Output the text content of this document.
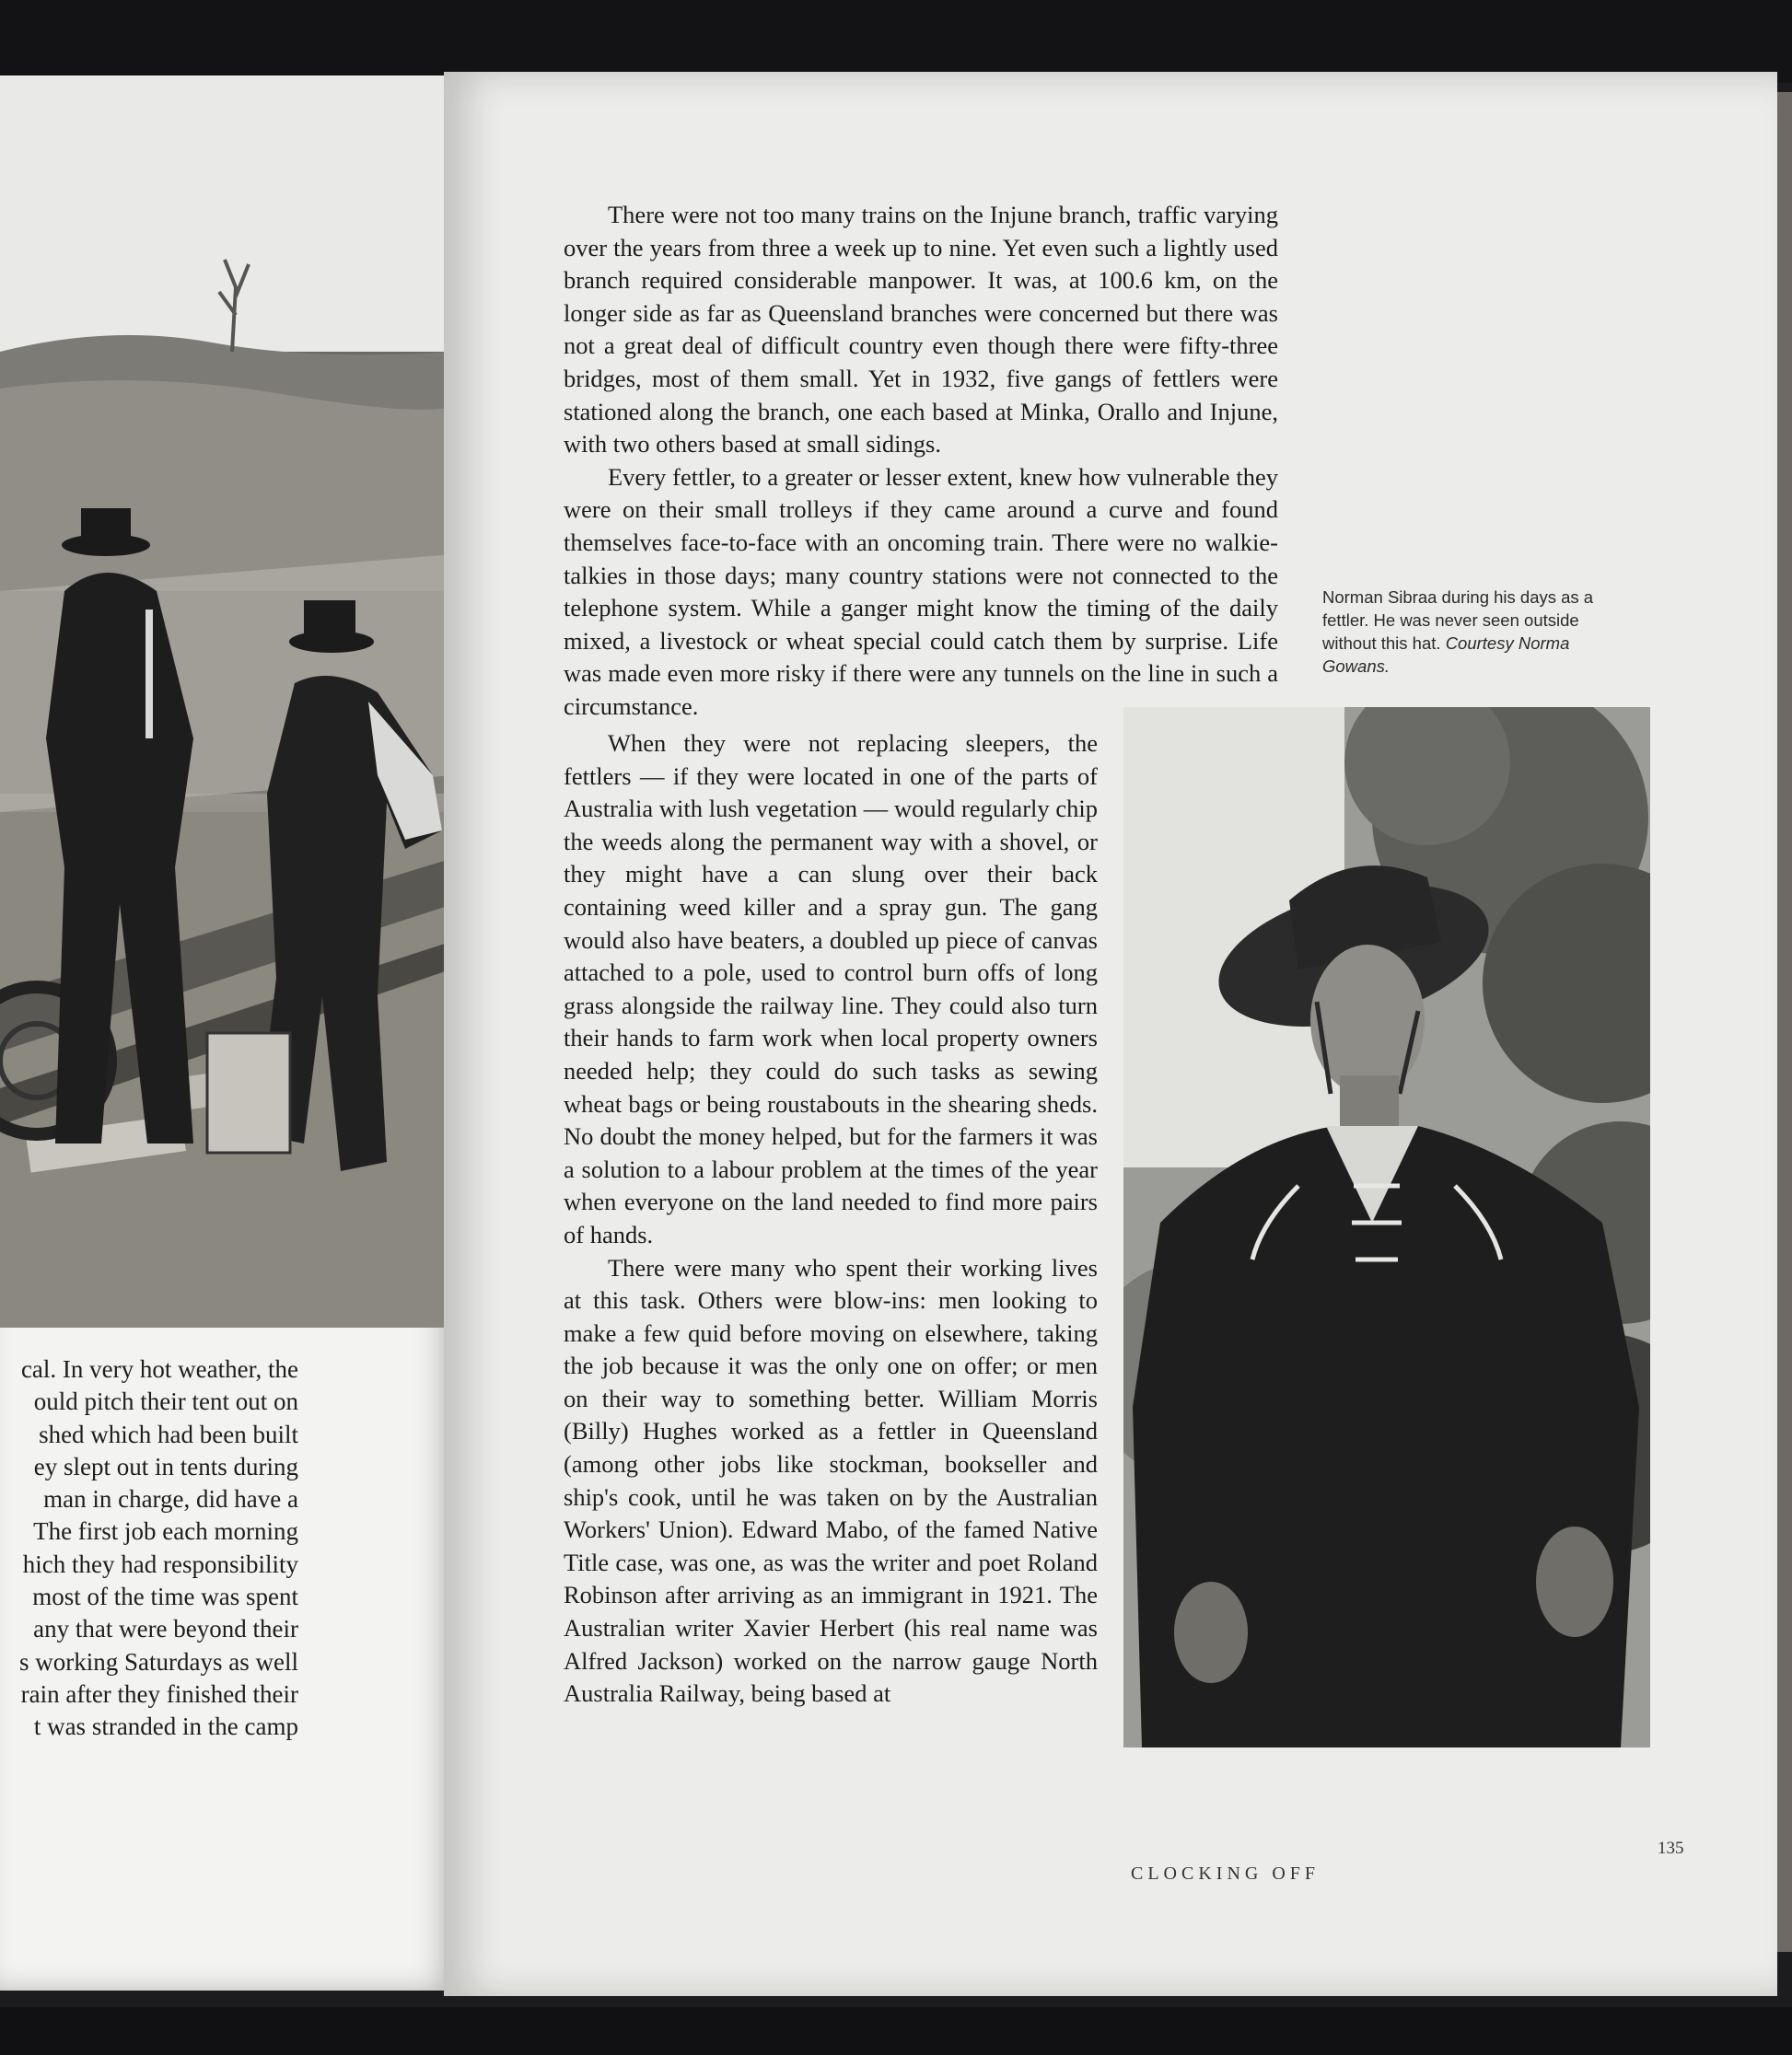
cal. In very hot weather, the
ould pitch their tent out on
shed which had been built
ey slept out in tents during
man in charge, did have a
The first job each morning
hich they had responsibility
most of the time was spent
any that were beyond their
s working Saturdays as well
rain after they finished their
t was stranded in the camp

There were not too many trains on the Injune branch, traffic varying over the years from three a week up to nine. Yet even such a lightly used branch required considerable manpower. It was, at 100.6 km, on the longer side as far as Queensland branches were concerned but there was not a great deal of difficult country even though there were fifty-three bridges, most of them small. Yet in 1932, five gangs of fettlers were stationed along the branch, one each based at Minka, Orallo and Injune, with two others based at small sidings.

Every fettler, to a greater or lesser extent, knew how vulnerable they were on their small trolleys if they came around a curve and found themselves face-to-face with an oncoming train. There were no walkie-talkies in those days; many country stations were not connected to the telephone system. While a ganger might know the timing of the daily mixed, a livestock or wheat special could catch them by surprise. Life was made even more risky if there were any tunnels on the line in such a circumstance.

When they were not replacing sleepers, the fettlers — if they were located in one of the parts of Australia with lush vegetation — would regularly chip the weeds along the permanent way with a shovel, or they might have a can slung over their back containing weed killer and a spray gun. The gang would also have beaters, a doubled up piece of canvas attached to a pole, used to control burn offs of long grass alongside the railway line. They could also turn their hands to farm work when local property owners needed help; they could do such tasks as sewing wheat bags or being roustabouts in the shearing sheds. No doubt the money helped, but for the farmers it was a solution to a labour problem at the times of the year when everyone on the land needed to find more pairs of hands.

There were many who spent their working lives at this task. Others were blow-ins: men looking to make a few quid before moving on elsewhere, taking the job because it was the only one on offer; or men on their way to something better. William Morris (Billy) Hughes worked as a fettler in Queensland (among other jobs like stockman, bookseller and ship's cook, until he was taken on by the Australian Workers' Union). Edward Mabo, of the famed Native Title case, was one, as was the writer and poet Roland Robinson after arriving as an immigrant in 1921. The Australian writer Xavier Herbert (his real name was Alfred Jackson) worked on the narrow gauge North Australia Railway, being based at

Norman Sibraa during his days as a fettler. He was never seen outside without this hat. Courtesy Norma Gowans.
CLOCKING OFF
135
